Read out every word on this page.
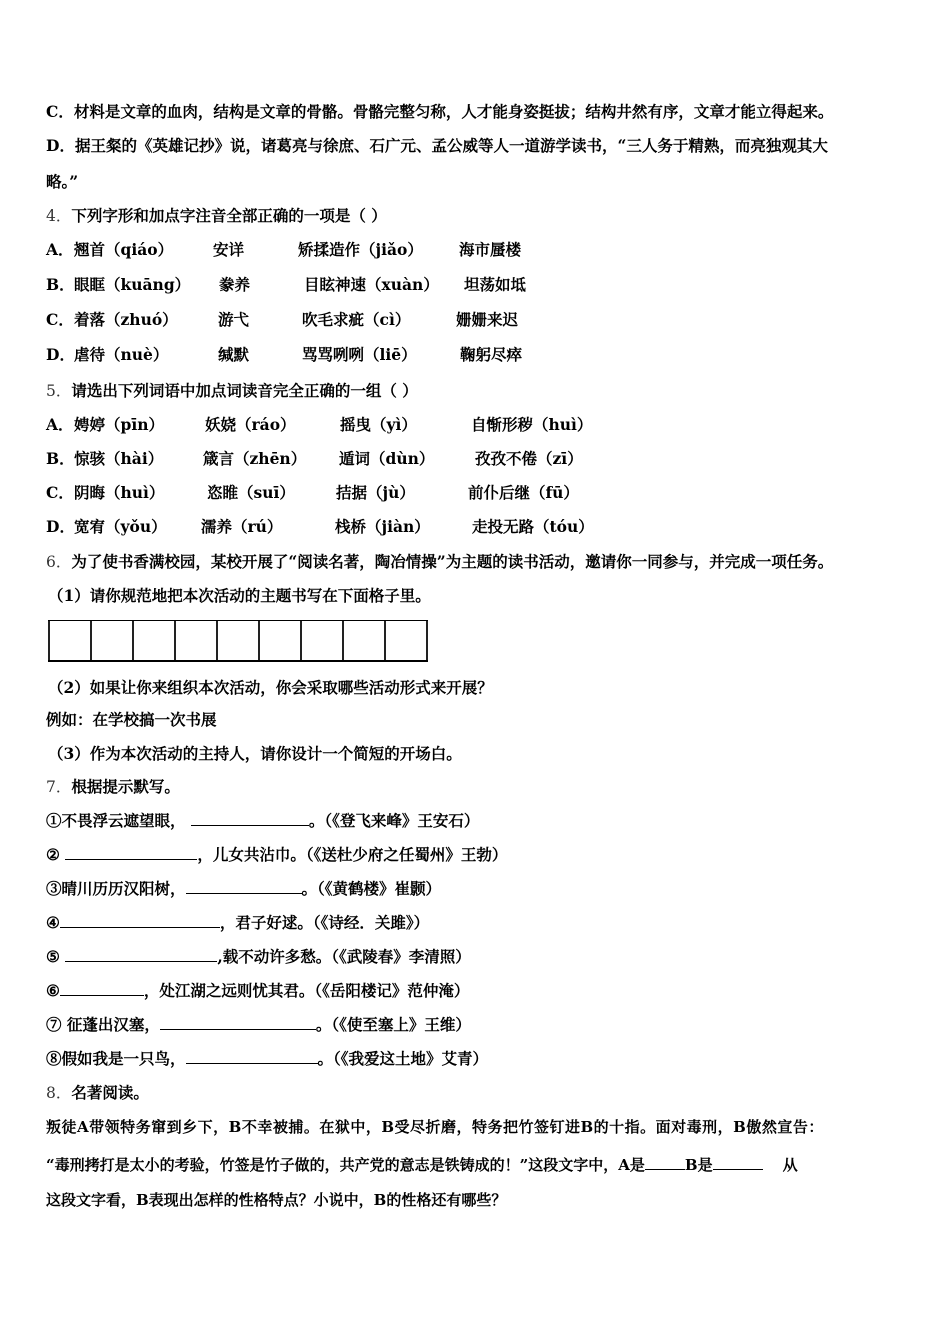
C．材料是文章的血肉，结构是文章的骨骼。骨骼完整匀称，人才能身姿挺拔；结构井然有序，文章才能立得起来。
D．据王粲的《英雄记抄》说，诸葛亮与徐庶、石广元、孟公威等人一道游学读书，“三人务于精熟，而亮独观其大
略。”
4．下列字形和加点字注音全部正确的一项是（ ）
A． 翘首（qiáo）	安详	矫揉造作（jiǎo） 海市蜃楼
B． 眼眶（kuāng） 豢养	目眩神速（xuàn） 坦荡如坻
C． 着落（zhuó）	游弋	吹毛求疵（cì）	姗姗来迟
D． 虐待（nuè）	缄默	骂骂咧咧（liē）	鞠躬尽瘁
5．请选出下列词语中加点词读音完全正确的一组（ ）
A． 娉婷（pīn）	妖娆（ráo）	摇曳（yì）	自惭形秽（huì）
B． 惊骇（hài）	箴言（zhēn） 遁词（dùn）	孜孜不倦（zī）
C． 阴晦（huì）	恣睢（suī）	拮据（jù）	前仆后继（fū）
D． 宽宥（yǒu） 濡养（rú）	栈桥（jiàn）	走投无路（tóu）
6．为了使书香满校园，某校开展了“阅读名著，陶冶情操”为主题的读书活动，邀请你一同参与，并完成一项任务。
（1）请你规范地把本次活动的主题书写在下面格子里。
（2）如果让你来组织本次活动，你会采取哪些活动形式来开展？
例如：在学校搞一次书展
（3）作为本次活动的主持人，请你设计一个简短的开场白。
7．根据提示默写。
①不畏浮云遮望眼，	。（《登飞来峰》王安石）
②	，儿女共沾巾。（《送杜少府之任蜀州》王勃）
③晴川历历汉阳树，	。（《黄鹤楼》崔颢）
④	，君子好逑。（《诗经．关雎》）
⑤	,载不动许多愁。（《武陵春》李清照）
⑥	，处江湖之远则忧其君。（《岳阳楼记》范仲淹）
⑦ 征蓬出汉塞，	。（《使至塞上》王维）
⑧假如我是一只鸟，	。（《我爱这土地》艾青）
8．名著阅读。
叛徒A带领特务窜到乡下，B不幸被捕。在狱中，B受尽折磨，特务把竹签钉进B的十指。面对毒刑，B傲然宣告：
“毒刑拷打是太小的考验，竹签是竹子做的，共产党的意志是铁铸成的！”这段文字中，A是	B是	从
这段文字看，B表现出怎样的性格特点？小说中，B的性格还有哪些？
